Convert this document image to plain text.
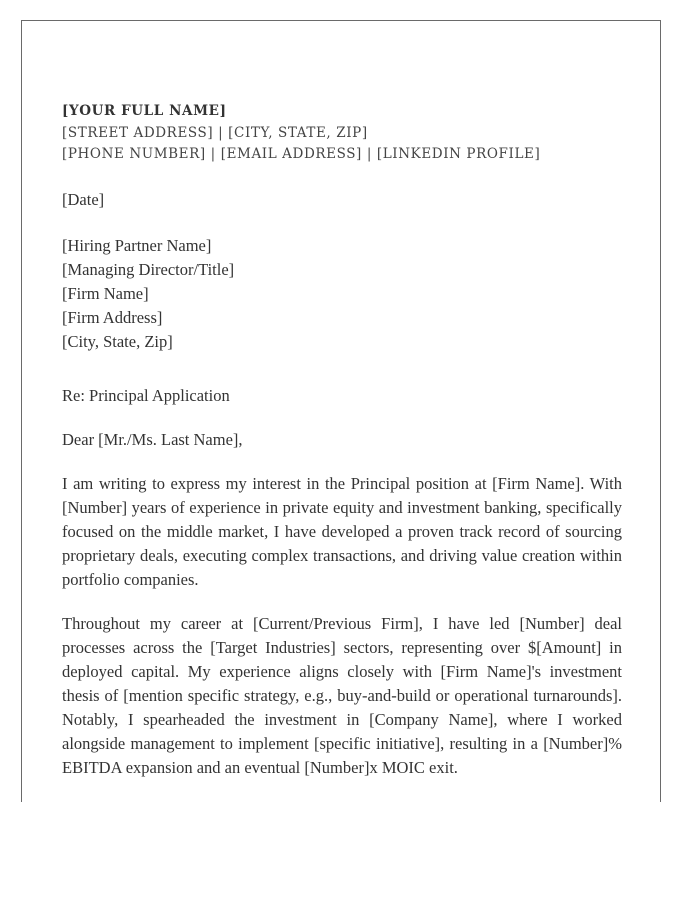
[YOUR FULL NAME]
[STREET ADDRESS] | [CITY, STATE, ZIP]
[PHONE NUMBER] | [EMAIL ADDRESS] | [LINKEDIN PROFILE]

[Date]

[Hiring Partner Name]
[Managing Director/Title]
[Firm Name]
[Firm Address]
[City, State, Zip]

Re: Principal Application

Dear [Mr./Ms. Last Name],

I am writing to express my interest in the Principal position at [Firm Name]. With [Number] years of experience in private equity and investment banking, specifically focused on the middle market, I have developed a proven track record of sourcing proprietary deals, executing complex transactions, and driving value creation within portfolio companies.

Throughout my career at [Current/Previous Firm], I have led [Number] deal processes across the [Target Industries] sectors, representing over $[Amount] in deployed capital. My experience aligns closely with [Firm Name]'s investment thesis of [mention specific strategy, e.g., buy-and-build or operational turnarounds]. Notably, I spearheaded the investment in [Company Name], where I worked alongside management to implement [specific initiative], resulting in a [Number]% EBITDA expansion and an eventual [Number]x MOIC exit.
